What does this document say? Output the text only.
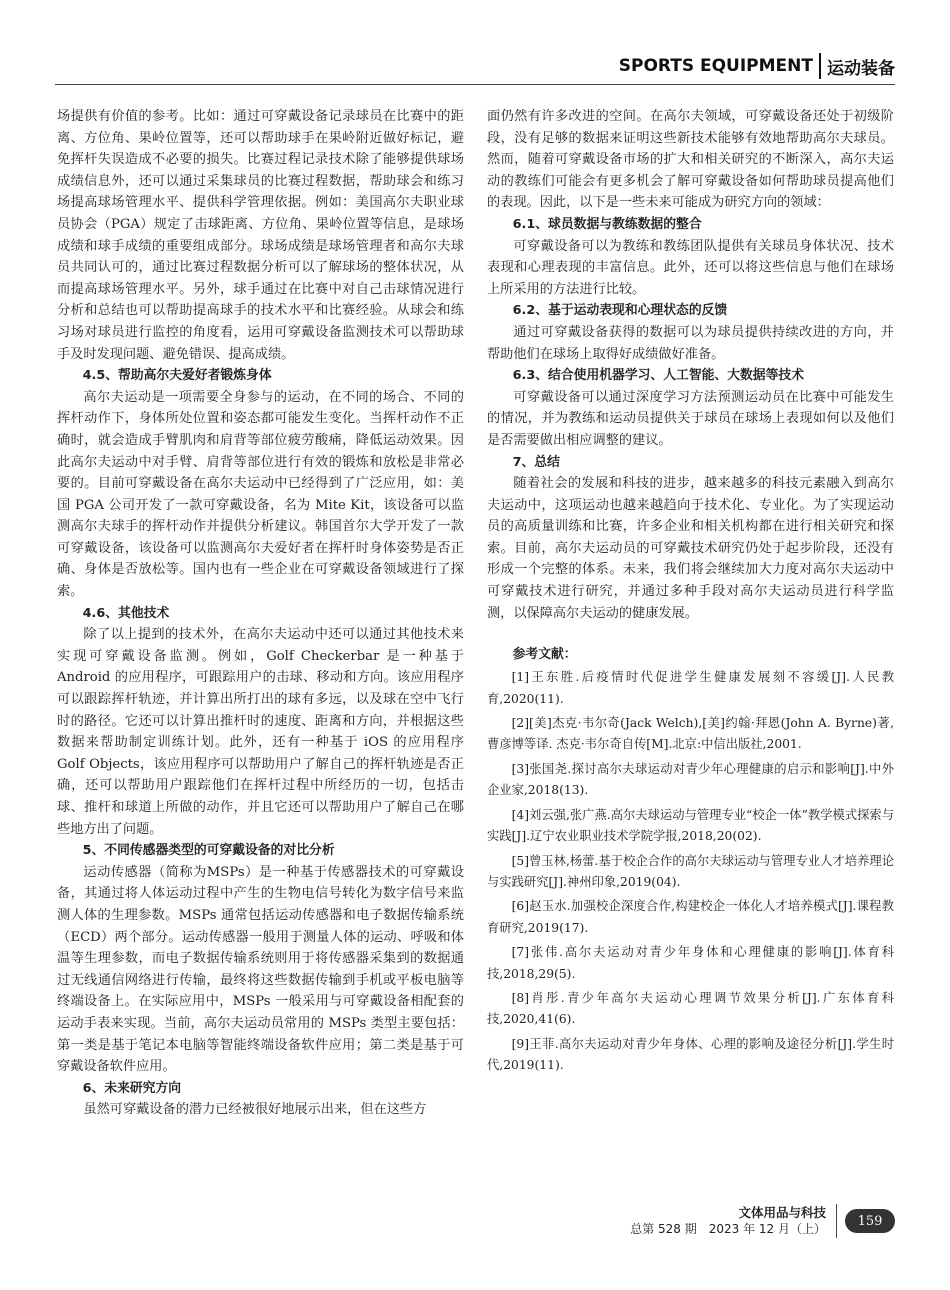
SPORTS EQUIPMENT 运动装备

场提供有价值的参考。比如：通过可穿戴设备记录球员在比赛中的距离、方位角、果岭位置等，还可以帮助球手在果岭附近做好标记，避免挥杆失误造成不必要的损失。比赛过程记录技术除了能够提供球场成绩信息外，还可以通过采集球员的比赛过程数据，帮助球会和练习场提高球场管理水平、提供科学管理依据。例如：美国高尔夫职业球员协会（PGA）规定了击球距离、方位角、果岭位置等信息，是球场成绩和球手成绩的重要组成部分。球场成绩是球场管理者和高尔夫球员共同认可的，通过比赛过程数据分析可以了解球场的整体状况，从而提高球场管理水平。另外，球手通过在比赛中对自己击球情况进行分析和总结也可以帮助提高球手的技术水平和比赛经验。从球会和练习场对球员进行监控的角度看，运用可穿戴设备监测技术可以帮助球手及时发现问题、避免错误、提高成绩。

4.5、帮助高尔夫爱好者锻炼身体

高尔夫运动是一项需要全身参与的运动，在不同的场合、不同的挥杆动作下，身体所处位置和姿态都可能发生变化。当挥杆动作不正确时，就会造成手臂肌肉和肩背等部位疲劳酸痛，降低运动效果。因此高尔夫运动中对手臂、肩背等部位进行有效的锻炼和放松是非常必要的。目前可穿戴设备在高尔夫运动中已经得到了广泛应用，如：美国 PGA 公司开发了一款可穿戴设备，名为 Mite Kit，该设备可以监测高尔夫球手的挥杆动作并提供分析建议。韩国首尔大学开发了一款可穿戴设备，该设备可以监测高尔夫爱好者在挥杆时身体姿势是否正确、身体是否放松等。国内也有一些企业在可穿戴设备领域进行了探索。

4.6、其他技术

除了以上提到的技术外，在高尔夫运动中还可以通过其他技术来实现可穿戴设备监测。例如，Golf Checkerbar 是一种基于 Android 的应用程序，可跟踪用户的击球、移动和方向。该应用程序可以跟踪挥杆轨迹，并计算出所打出的球有多远，以及球在空中飞行时的路径。它还可以计算出推杆时的速度、距离和方向，并根据这些数据来帮助制定训练计划。此外，还有一种基于 iOS 的应用程序 Golf Objects，该应用程序可以帮助用户了解自己的挥杆轨迹是否正确，还可以帮助用户跟踪他们在挥杆过程中所经历的一切，包括击球、推杆和球道上所做的动作，并且它还可以帮助用户了解自己在哪些地方出了问题。

5、不同传感器类型的可穿戴设备的对比分析

运动传感器（简称为MSPs）是一种基于传感器技术的可穿戴设备，其通过将人体运动过程中产生的生物电信号转化为数字信号来监测人体的生理参数。MSPs 通常包括运动传感器和电子数据传输系统（ECD）两个部分。运动传感器一般用于测量人体的运动、呼吸和体温等生理参数，而电子数据传输系统则用于将传感器采集到的数据通过无线通信网络进行传输，最终将这些数据传输到手机或平板电脑等终端设备上。在实际应用中，MSPs 一般采用与可穿戴设备相配套的运动手表来实现。当前，高尔夫运动员常用的 MSPs 类型主要包括：第一类是基于笔记本电脑等智能终端设备软件应用；第二类是基于可穿戴设备软件应用。

6、未来研究方向

虽然可穿戴设备的潜力已经被很好地展示出来，但在这些方

面仍然有许多改进的空间。在高尔夫领域，可穿戴设备还处于初级阶段，没有足够的数据来证明这些新技术能够有效地帮助高尔夫球员。然而，随着可穿戴设备市场的扩大和相关研究的不断深入，高尔夫运动的教练们可能会有更多机会了解可穿戴设备如何帮助球员提高他们的表现。因此，以下是一些未来可能成为研究方向的领域：

6.1、球员数据与教练数据的整合

可穿戴设备可以为教练和教练团队提供有关球员身体状况、技术表现和心理表现的丰富信息。此外，还可以将这些信息与他们在球场上所采用的方法进行比较。

6.2、基于运动表现和心理状态的反馈

通过可穿戴设备获得的数据可以为球员提供持续改进的方向，并帮助他们在球场上取得好成绩做好准备。

6.3、结合使用机器学习、人工智能、大数据等技术

可穿戴设备可以通过深度学习方法预测运动员在比赛中可能发生的情况，并为教练和运动员提供关于球员在球场上表现如何以及他们是否需要做出相应调整的建议。

7、总结

随着社会的发展和科技的进步，越来越多的科技元素融入到高尔夫运动中，这项运动也越来越趋向于技术化、专业化。为了实现运动员的高质量训练和比赛，许多企业和相关机构都在进行相关研究和探索。目前，高尔夫运动员的可穿戴技术研究仍处于起步阶段，还没有形成一个完整的体系。未来，我们将会继续加大力度对高尔夫运动中可穿戴技术进行研究，并通过多种手段对高尔夫运动员进行科学监测，以保障高尔夫运动的健康发展。

参考文献：
[1]王东胜.后疫情时代促进学生健康发展刻不容缓[J].人民教育,2020(11).
[2][美]杰克·韦尔奇(Jack Welch),[美]约翰·拜恩(John A. Byrne)著,曹彦博等译. 杰克·韦尔奇自传[M].北京:中信出版社,2001.
[3]张国尧.探讨高尔夫球运动对青少年心理健康的启示和影响[J].中外企业家,2018(13).
[4]刘云强,张广燕.高尔夫球运动与管理专业“校企一体”教学模式探索与实践[J].辽宁农业职业技术学院学报,2018,20(02).
[5]曾玉林,杨蕾.基于校企合作的高尔夫球运动与管理专业人才培养理论与实践研究[J].神州印象,2019(04).
[6]赵玉水.加强校企深度合作,构建校企一体化人才培养模式[J].课程教育研究,2019(17).
[7]张伟.高尔夫运动对青少年身体和心理健康的影响[J].体育科技,2018,29(5).
[8]肖彤.青少年高尔夫运动心理调节效果分析[J].广东体育科技,2020,41(6).
[9]王菲.高尔夫运动对青少年身体、心理的影响及途径分析[J].学生时代,2019(11).
文体用品与科技
总第 528 期　2023 年 12 月（上）
159
